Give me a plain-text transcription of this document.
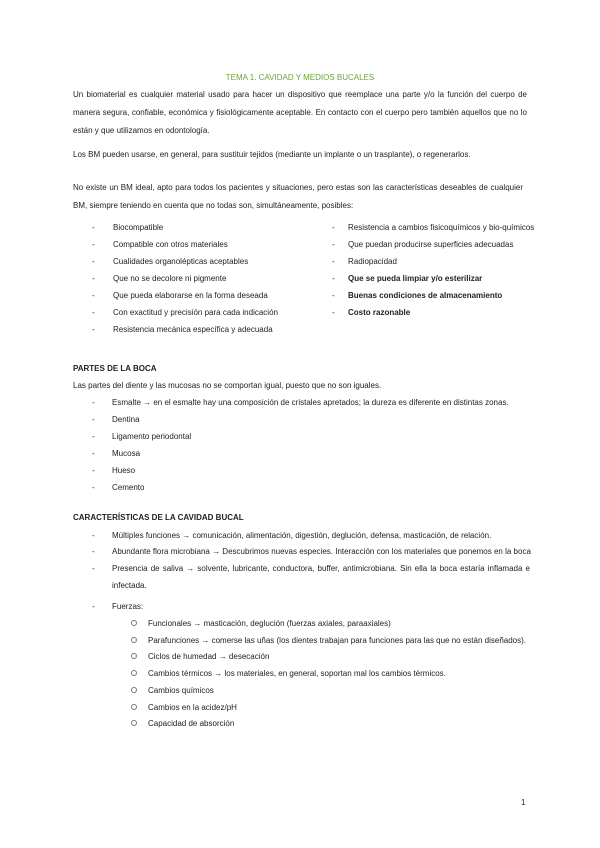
TEMA 1. CAVIDAD Y MEDIOS BUCALES
Un biomaterial es cualquier material usado para hacer un dispositivo que reemplace una parte y/o la función del cuerpo de manera segura, confiable, económica y fisiológicamente aceptable. En contacto con el cuerpo pero también aquellos que no lo están y que utilizamos en odontología.
Los BM pueden usarse, en general, para sustituir tejidos (mediante un implante o un trasplante), o regenerarlos.
No existe un BM ideal, apto para todos los pacientes y situaciones, pero estas son las características deseables de cualquier BM, siempre teniendo en cuenta que no todas son, simultáneamente, posibles:
- Biocompatible
- Compatible con otros materiales
- Cualidades organolépticas aceptables
- Que no se decolore ni pigmente
- Que pueda elaborarse en la forma deseada
- Con exactitud y precisión para cada indicación
- Resistencia mecánica específica y adecuada
- Resistencia a cambios fisicoquímicos y bio-químicos
- Que puedan producirse superficies adecuadas
- Radiopacidad
- Que se pueda limpiar y/o esterilizar
- Buenas condiciones de almacenamiento
- Costo razonable
PARTES DE LA BOCA
Las partes del diente y las mucosas no se comportan igual, puesto que no son iguales.
- Esmalte → en el esmalte hay una composición de cristales apretados; la dureza es diferente en distintas zonas.
- Dentina
- Ligamento periodontal
- Mucosa
- Hueso
- Cemento
CARACTERÍSTICAS DE LA CAVIDAD BUCAL
- Múltiples funciones → comunicación, alimentación, digestión, deglución, defensa, masticación, de relación.
- Abundante flora microbiana → Descubrimos nuevas especies. Interacción con los materiales que ponemos en la boca
- Presencia de saliva → solvente, lubricante, conductora, buffer, antimicrobiana. Sin ella la boca estaría inflamada e infectada.
- Fuerzas:
Funcionales → masticación, deglución (fuerzas axiales, paraaxiales)
Parafunciones → comerse las uñas (los dientes trabajan para funciones para las que no están diseñados).
Ciclos de humedad → desecación
Cambios térmicos → los materiales, en general, soportan mal los cambios térmicos.
Cambios químicos
Cambios en la acidez/pH
Capacidad de absorción
1
